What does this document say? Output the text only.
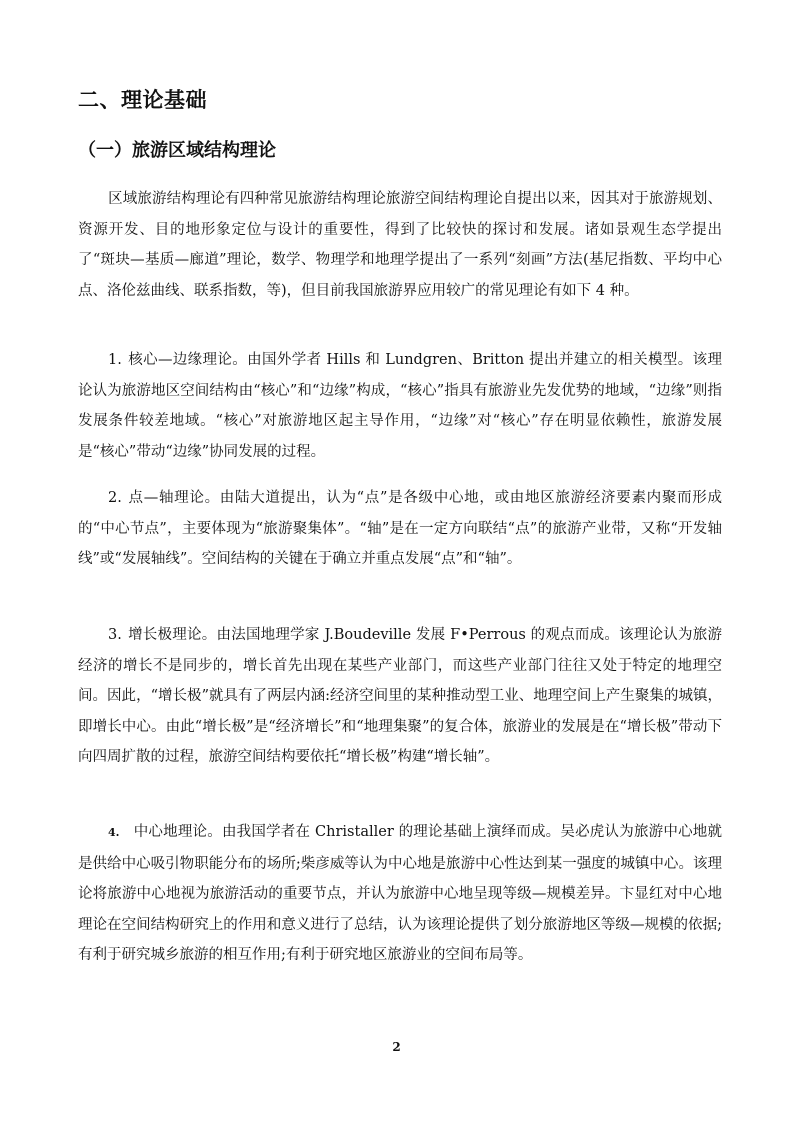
二、理论基础
（一）旅游区域结构理论

区域旅游结构理论有四种常见旅游结构理论旅游空间结构理论自提出以来，因其对于旅游规划、资源开发、目的地形象定位与设计的重要性，得到了比较快的探讨和发展。诸如景观生态学提出了“斑块—基质—廊道”理论，数学、物理学和地理学提出了一系列“刻画”方法(基尼指数、平均中心点、洛伦兹曲线、联系指数，等)，但目前我国旅游界应用较广的常见理论有如下 4 种。

1. 核心—边缘理论。由国外学者 Hills 和 Lundgren、Britton 提出并建立的相关模型。该理论认为旅游地区空间结构由“核心”和“边缘”构成，“核心”指具有旅游业先发优势的地域，“边缘”则指发展条件较差地域。“核心”对旅游地区起主导作用，“边缘”对“核心”存在明显依赖性，旅游发展是“核心”带动“边缘”协同发展的过程。

2. 点—轴理论。由陆大道提出，认为“点”是各级中心地，或由地区旅游经济要素内聚而形成的“中心节点”，主要体现为“旅游聚集体”。“轴”是在一定方向联结“点”的旅游产业带，又称“开发轴线”或“发展轴线”。空间结构的关键在于确立并重点发展“点”和“轴”。

3. 增长极理论。由法国地理学家 J.Boudeville 发展 F•Perrous 的观点而成。该理论认为旅游经济的增长不是同步的，增长首先出现在某些产业部门，而这些产业部门往往又处于特定的地理空间。因此，“增长极”就具有了两层内涵:经济空间里的某种推动型工业、地理空间上产生聚集的城镇，即增长中心。由此“增长极”是“经济增长”和“地理集聚”的复合体，旅游业的发展是在“增长极”带动下向四周扩散的过程，旅游空间结构要依托“增长极”构建“增长轴”。

4. 中心地理论。由我国学者在 Christaller 的理论基础上演绎而成。吴必虎认为旅游中心地就是供给中心吸引物职能分布的场所;柴彦威等认为中心地是旅游中心性达到某一强度的城镇中心。该理论将旅游中心地视为旅游活动的重要节点，并认为旅游中心地呈现等级—规模差异。卞显红对中心地理论在空间结构研究上的作用和意义进行了总结，认为该理论提供了划分旅游地区等级—规模的依据;有利于研究城乡旅游的相互作用;有利于研究地区旅游业的空间布局等。

2
